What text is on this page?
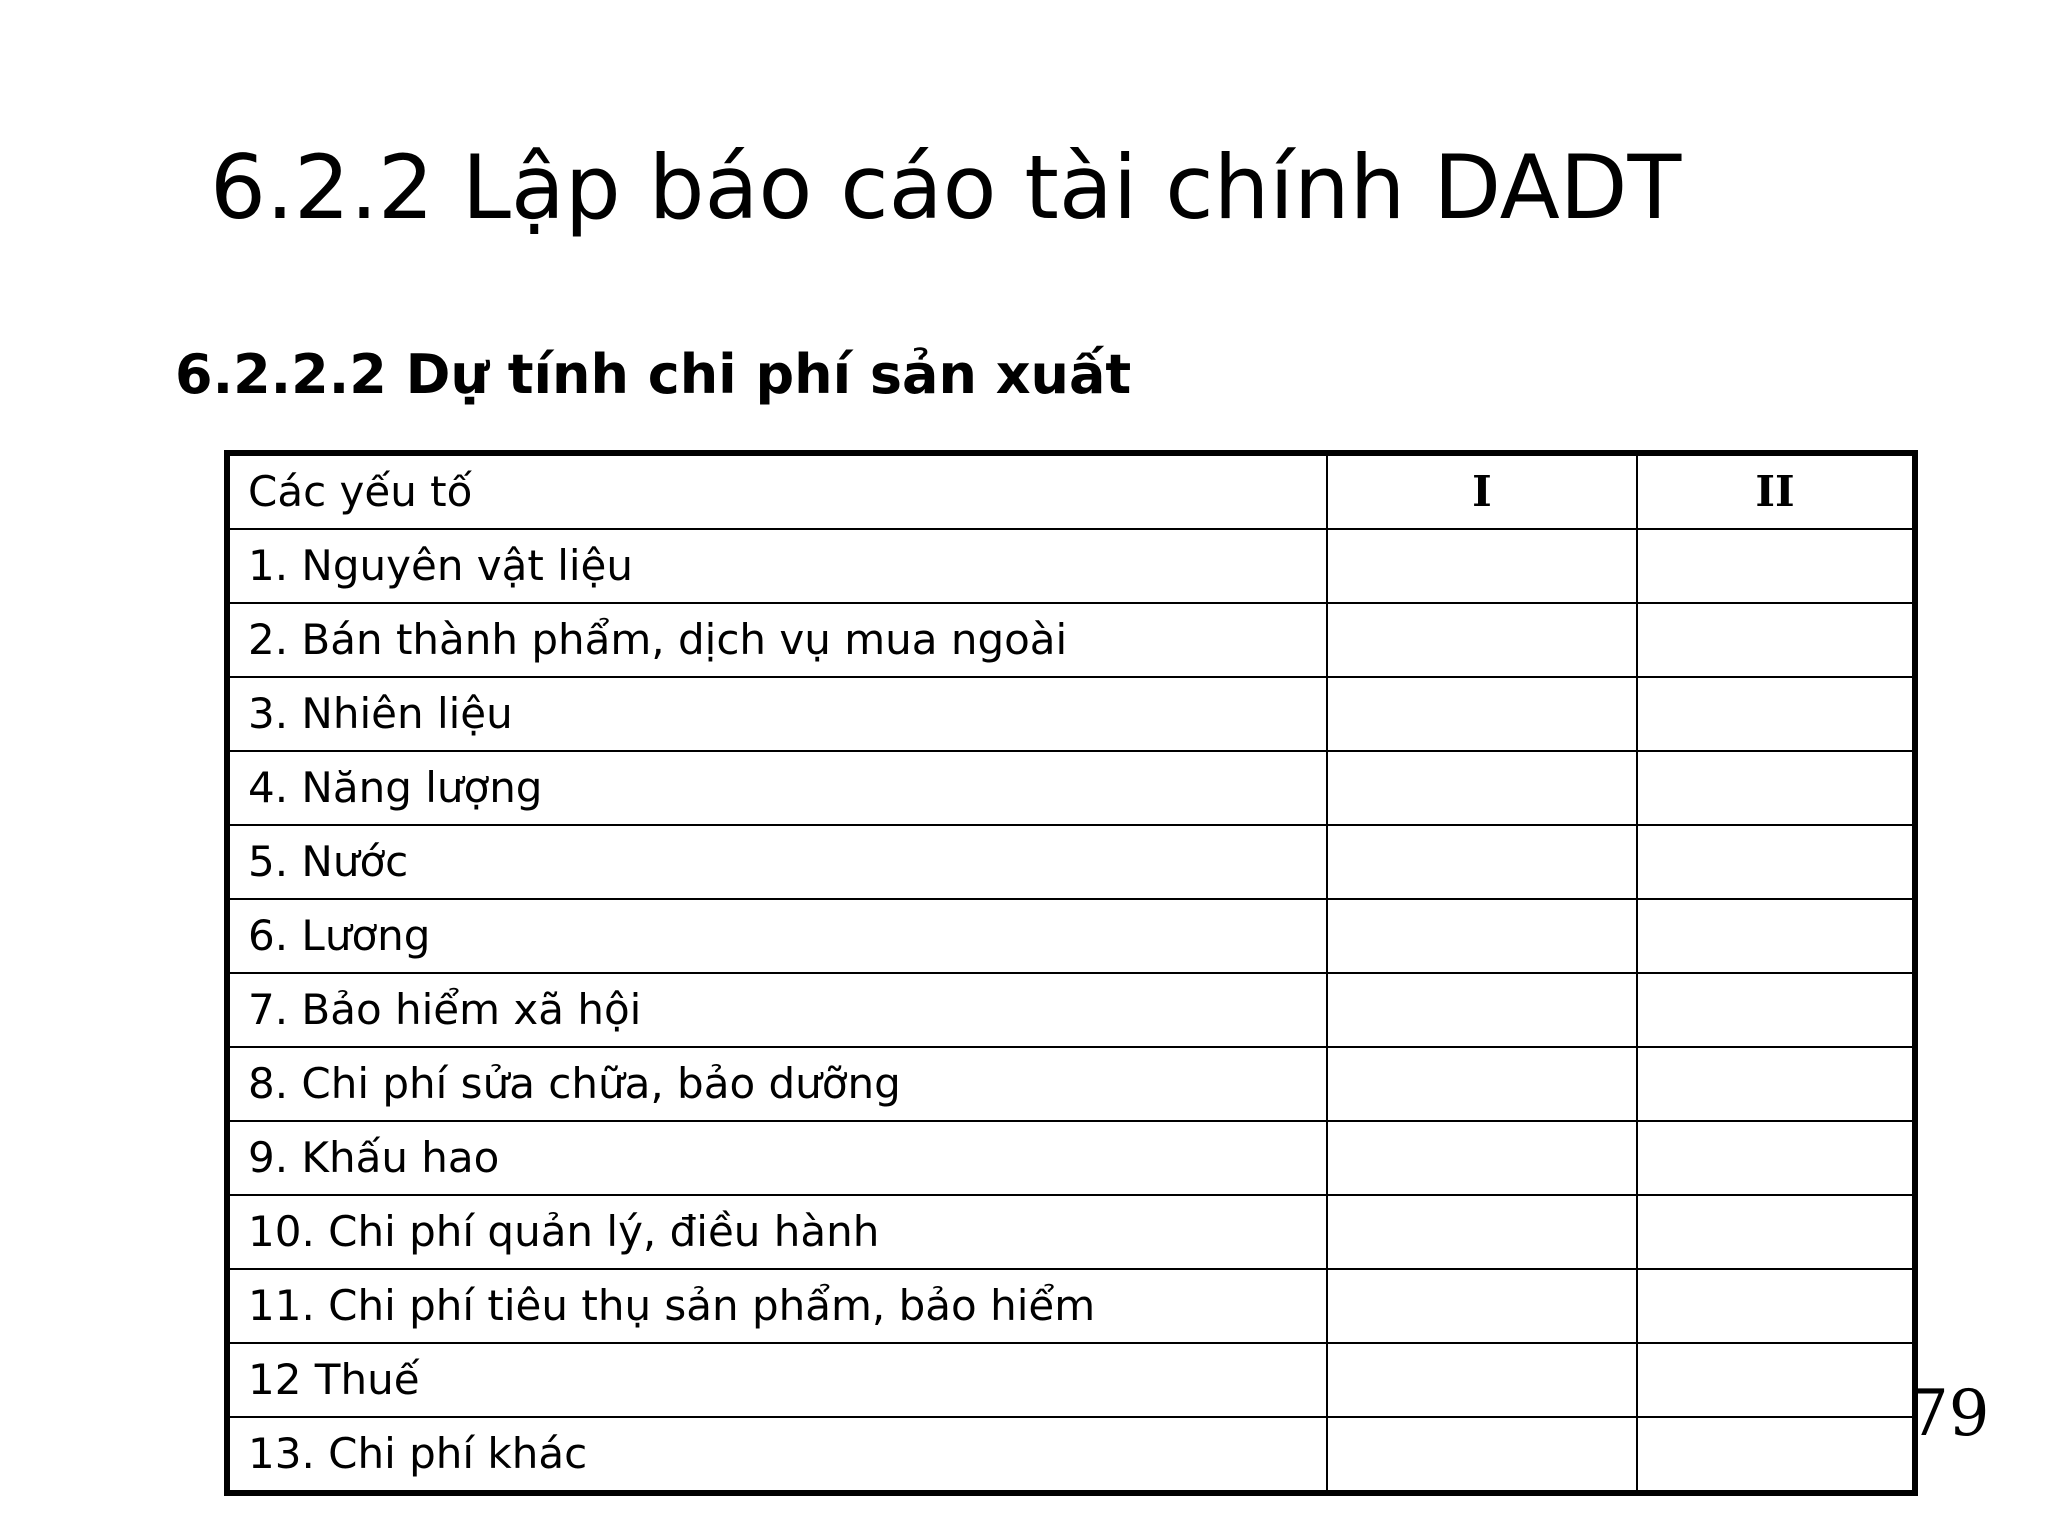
6.2.2 Lập báo cáo tài chính DADT
6.2.2.2 Dự tính chi phí sản xuất
Các yếu tố	I	II
1. Nguyên vật liệu		
2. Bán thành phẩm, dịch vụ mua ngoài		
3. Nhiên liệu		
4. Năng lượng		
5. Nước		
6. Lương		
7. Bảo hiểm xã hội		
8. Chi phí sửa chữa, bảo dưỡng		
9. Khấu hao		
10. Chi phí quản lý, điều hành		
11. Chi phí tiêu thụ sản phẩm, bảo hiểm		
12 Thuế		
13. Chi phí khác		
79
